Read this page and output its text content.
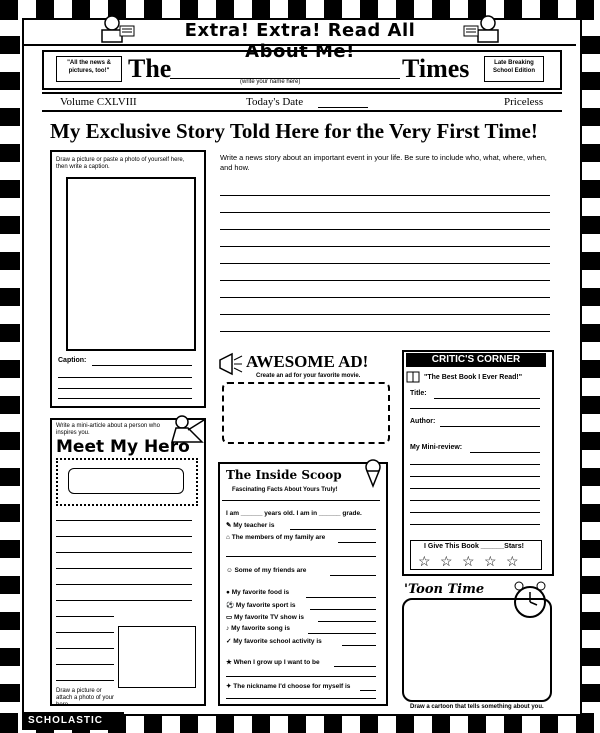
Extra! Extra! Read All About Me!
"All the news & pictures, too!" The	(write your name here)	Times	Late Breaking School Edition
Volume CXLVIII	Today's Date	Priceless
My Exclusive Story Told Here for the Very First Time!
Draw a picture or paste a photo of yourself here, then write a caption.
Caption:
Write a news story about an important event in your life. Be sure to include who, what, where, when, and how.
AWESOME AD!
Create an ad for your favorite movie.
CRITIC'S CORNER
"The Best Book I Ever Read!"
Title:
Author:
My Mini-review:
I Give This Book ______Stars!
☆ ☆ ☆ ☆ ☆
Write a mini-article about a person who inspires you.
Meet My Hero
Draw a picture or attach a photo of your hero.
The Inside Scoop
Fascinating Facts About Yours Truly!
I am ______ years old. I am in ______ grade.
✎ My teacher is
⌂ The members of my family are
☺ Some of my friends are
● My favorite food is
⚽ My favorite sport is
▭ My favorite TV show is
♪ My favorite song is
✓ My favorite school activity is
★ When I grow up I want to be
✦ The nickname I'd choose for myself is
'Toon Time
Draw a cartoon that tells something about you.
SCHOLASTIC
